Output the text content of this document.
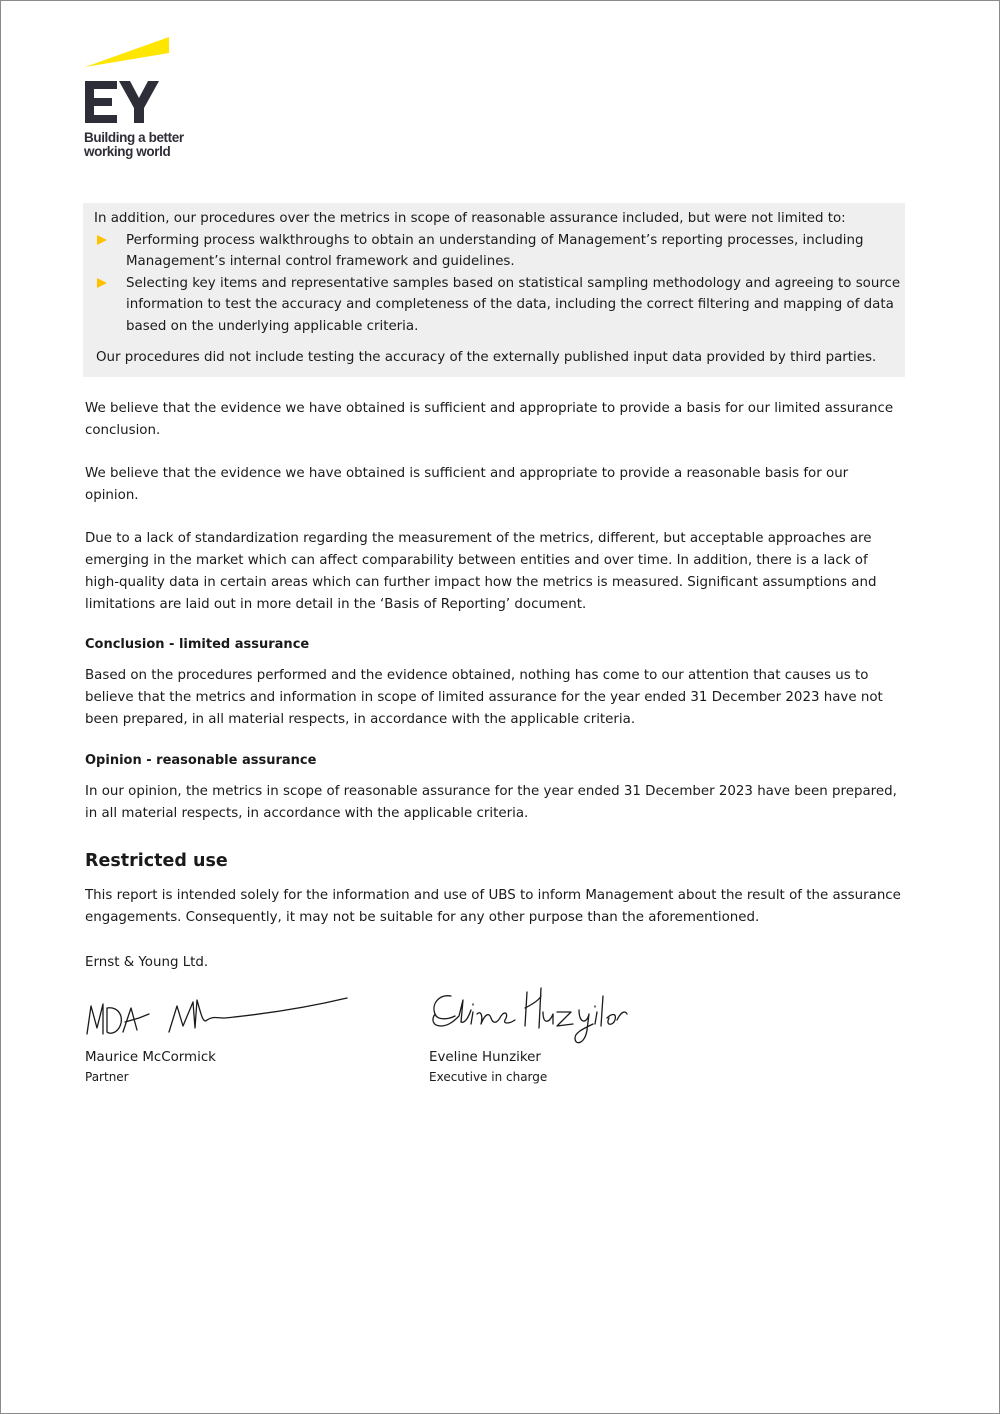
Building a better
working world

In addition, our procedures over the metrics in scope of reasonable assurance included, but were not limited to:

Performing process walkthroughs to obtain an understanding of Management’s reporting processes, including Management’s internal control framework and guidelines.
Selecting key items and representative samples based on statistical sampling methodology and agreeing to source information to test the accuracy and completeness of the data, including the correct filtering and mapping of data based on the underlying applicable criteria.

Our procedures did not include testing the accuracy of the externally published input data provided by third parties.

We believe that the evidence we have obtained is sufficient and appropriate to provide a basis for our limited assurance conclusion.

We believe that the evidence we have obtained is sufficient and appropriate to provide a reasonable basis for our opinion.

Due to a lack of standardization regarding the measurement of the metrics, different, but acceptable approaches are emerging in the market which can affect comparability between entities and over time. In addition, there is a lack of high-quality data in certain areas which can further impact how the metrics is measured. Significant assumptions and limitations are laid out in more detail in the ‘Basis of Reporting’ document.

Conclusion - limited assurance

Based on the procedures performed and the evidence obtained, nothing has come to our attention that causes us to believe that the metrics and information in scope of limited assurance for the year ended 31 December 2023 have not been prepared, in all material respects, in accordance with the applicable criteria.

Opinion - reasonable assurance

In our opinion, the metrics in scope of reasonable assurance for the year ended 31 December 2023 have been prepared, in all material respects, in accordance with the applicable criteria.

Restricted use

This report is intended solely for the information and use of UBS to inform Management about the result of the assurance engagements. Consequently, it may not be suitable for any other purpose than the aforementioned.

Ernst & Young Ltd.

Maurice McCormick

Partner

Eveline Hunziker

Executive in charge
